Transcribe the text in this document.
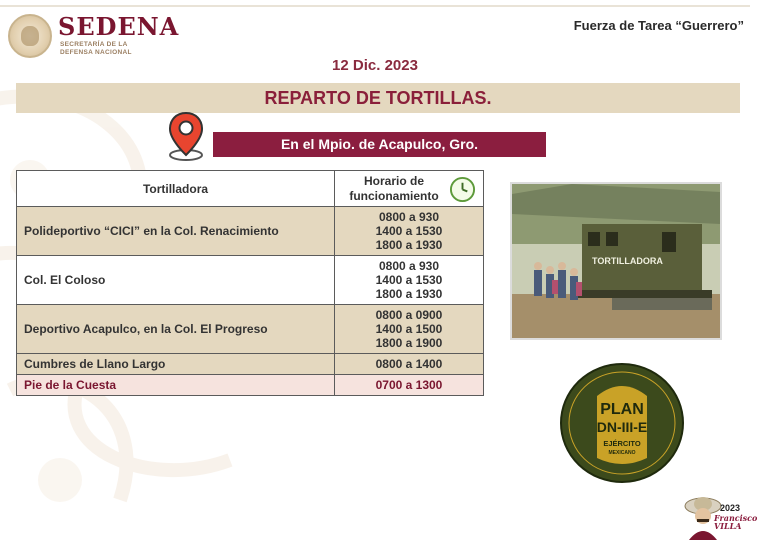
SEDENA
SECRETARÍA DE LA
DEFENSA NACIONAL
Fuerza de Tarea “Guerrero”
12 Dic. 2023
REPARTO DE TORTILLAS.
En el Mpio. de Acapulco, Gro.
Tortilladora	Horario de
funcionamiento

Polideportivo “CICI” en la Col. Renacimiento	0800 a 930
1400 a 1530
1800 a 1930

Col. El Coloso	0800 a 930
1400 a 1530
1800 a 1930

Deportivo Acapulco, en la Col. El Progreso	0800 a 0900
1400 a 1500
1800 a 1900

Cumbres de Llano Largo	0800 a 1400
Pie de la Cuesta	0700 a 1300
TORTILLADORA
PLAN
DN-III-E
EJÉRCITO
MEXICANO
2023
Francisco
VILLA
